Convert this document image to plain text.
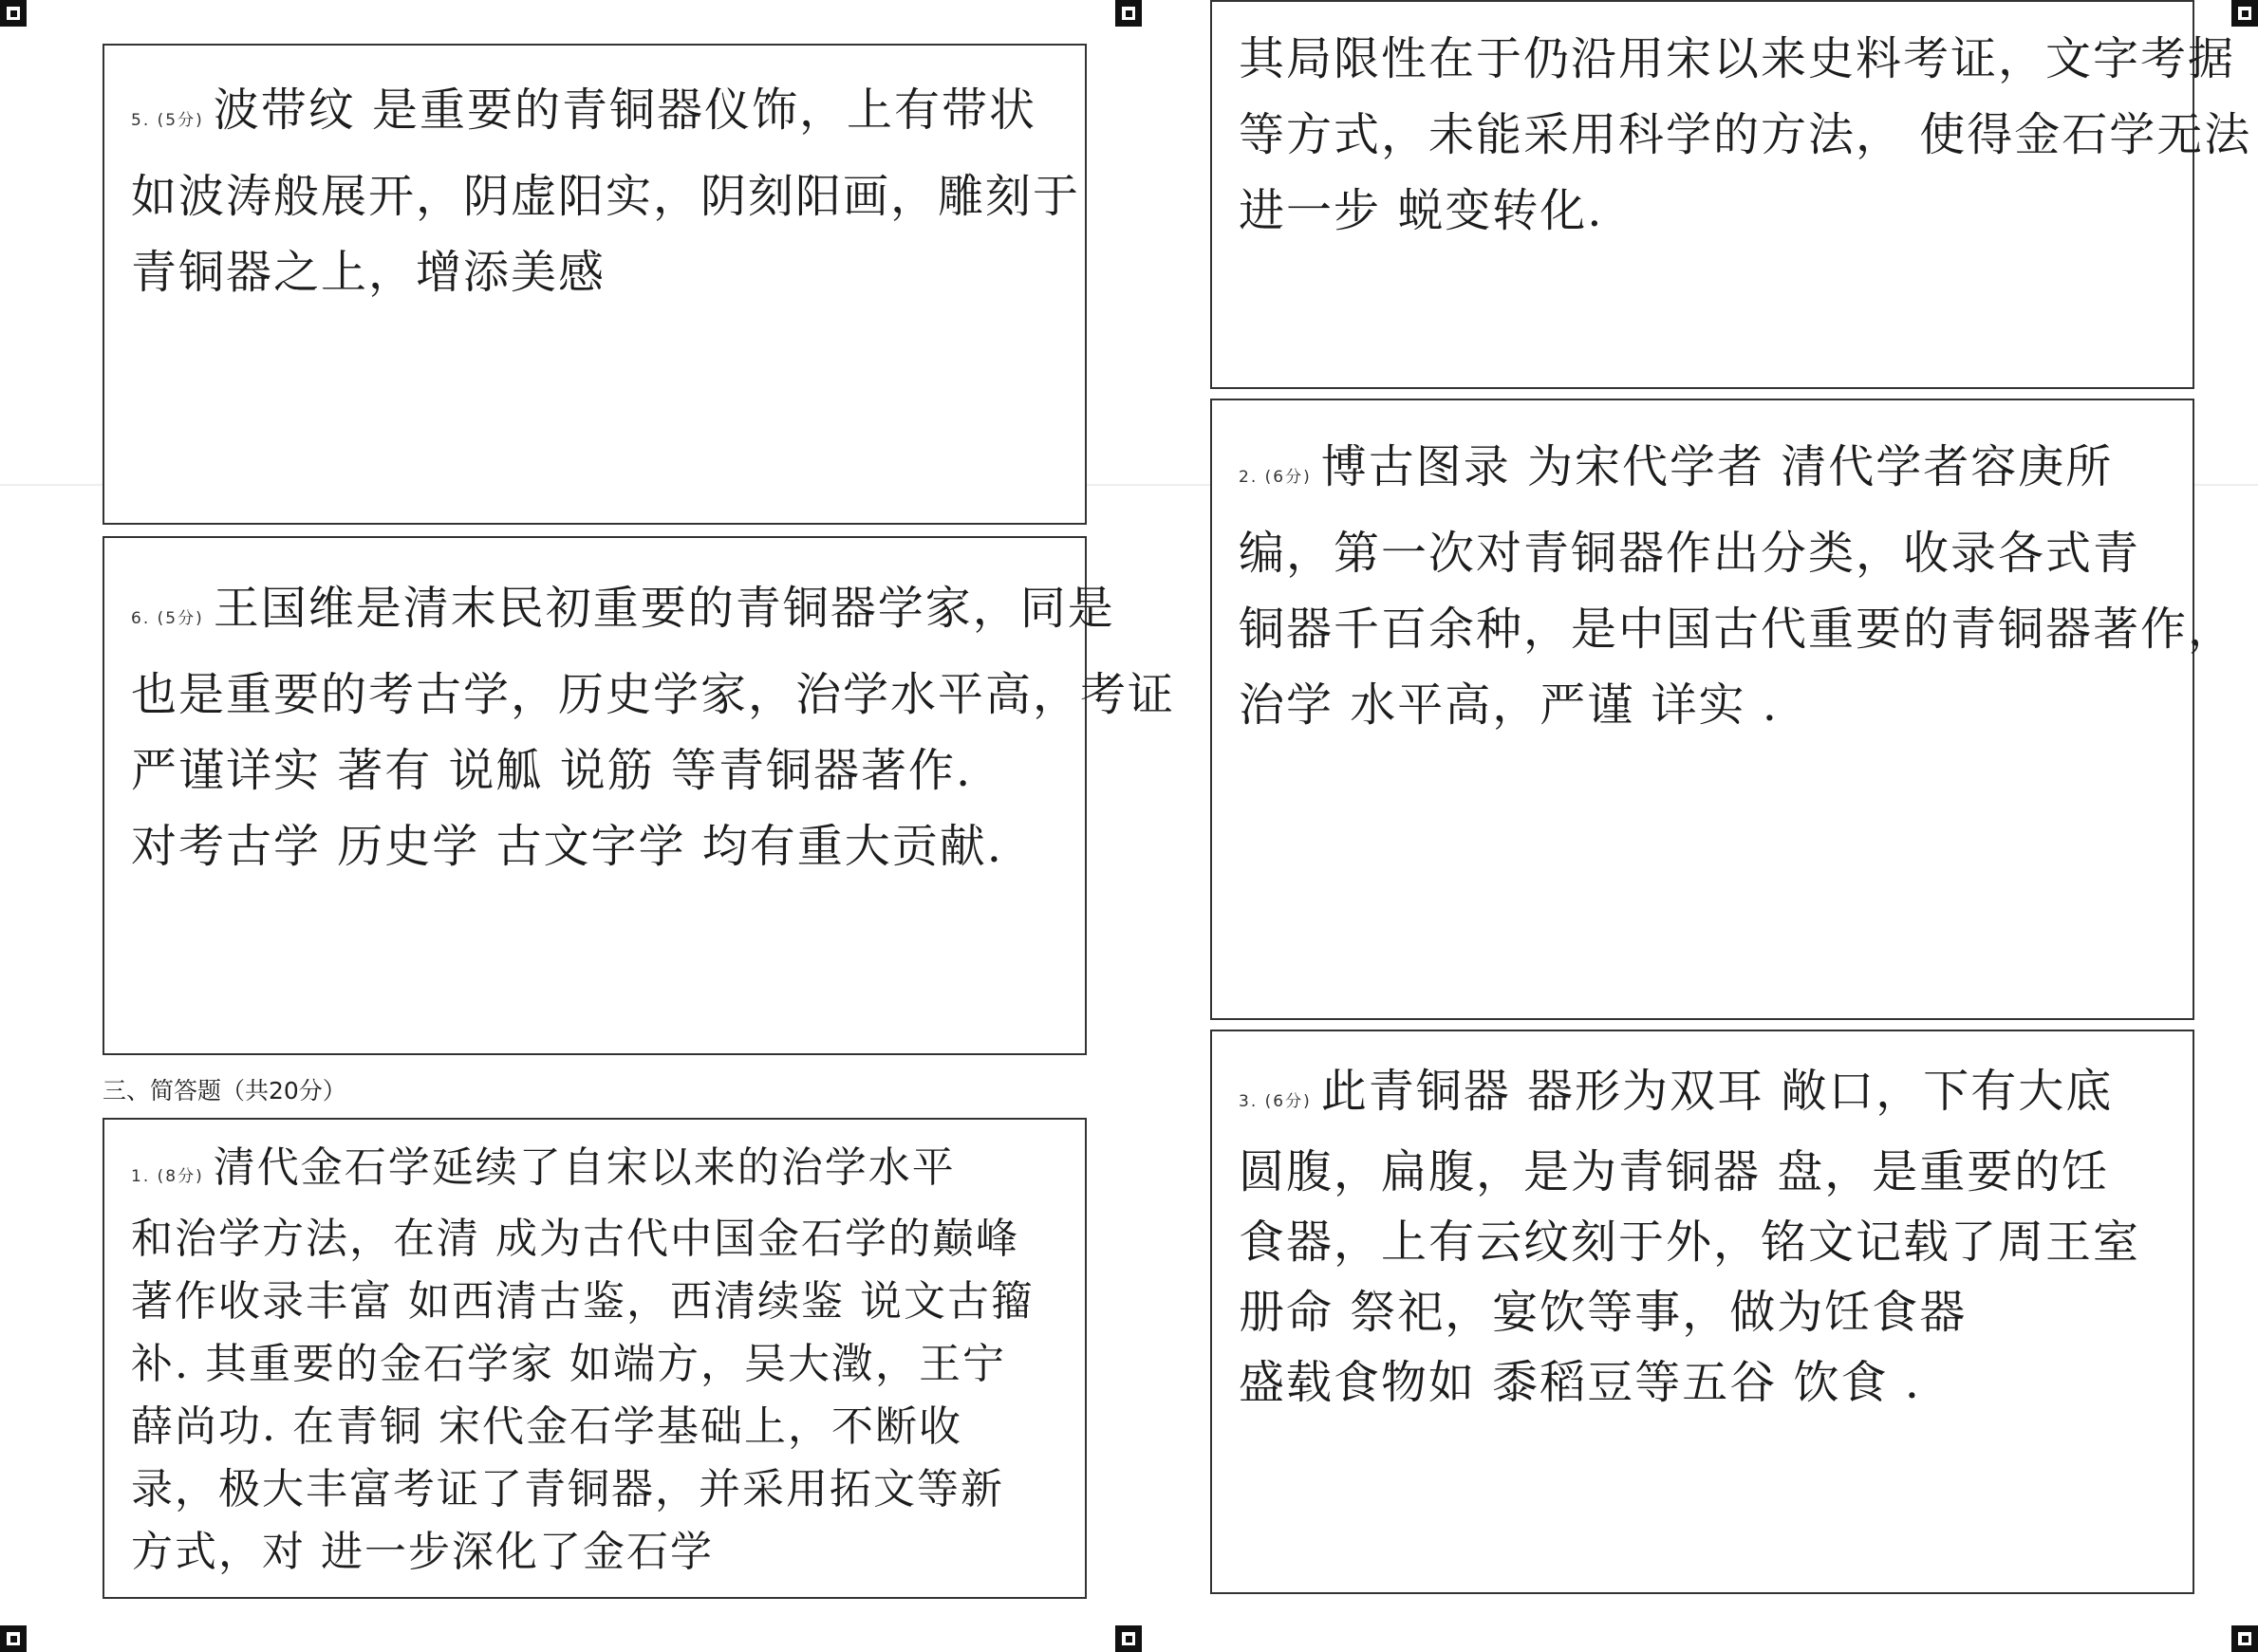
5. (5分) 波带纹 是重要的青铜器仪饰，上有带状

如波涛般展开，阴虚阳实，阴刻阳画，雕刻于

青铜器之上，增添美感

6. (5分) 王国维是清末民初重要的青铜器学家，同是

也是重要的考古学，历史学家，治学水平高，考证

严谨详实 著有 说觚 说筋 等青铜器著作.

对考古学 历史学 古文字学 均有重大贡献.

三、简答题（共20分）

1. (8分) 清代金石学延续了自宋以来的治学水平

和治学方法，在清 成为古代中国金石学的巅峰

著作收录丰富 如西清古鉴，西清续鉴 说文古籀

补. 其重要的金石学家 如端方，吴大澂，王宁

薛尚功. 在青铜 宋代金石学基础上，不断收

录，极大丰富考证了青铜器，并采用拓文等新

方式，对 进一步深化了金石学

其局限性在于仍沿用宋以来史料考证，文字考据

等方式，未能采用科学的方法， 使得金石学无法

进一步 蜕变转化.

2. (6分) 博古图录 为宋代学者 清代学者容庚所

编，第一次对青铜器作出分类，收录各式青

铜器千百余种，是中国古代重要的青铜器著作，

治学 水平高，严谨 详实 .

3. (6分) 此青铜器 器形为双耳 敞口，下有大底

圆腹，扁腹，是为青铜器 盘，是重要的饪

食器，上有云纹刻于外，铭文记载了周王室

册命 祭祀，宴饮等事，做为饪食器

盛载食物如 黍稻豆等五谷 饮食 .
